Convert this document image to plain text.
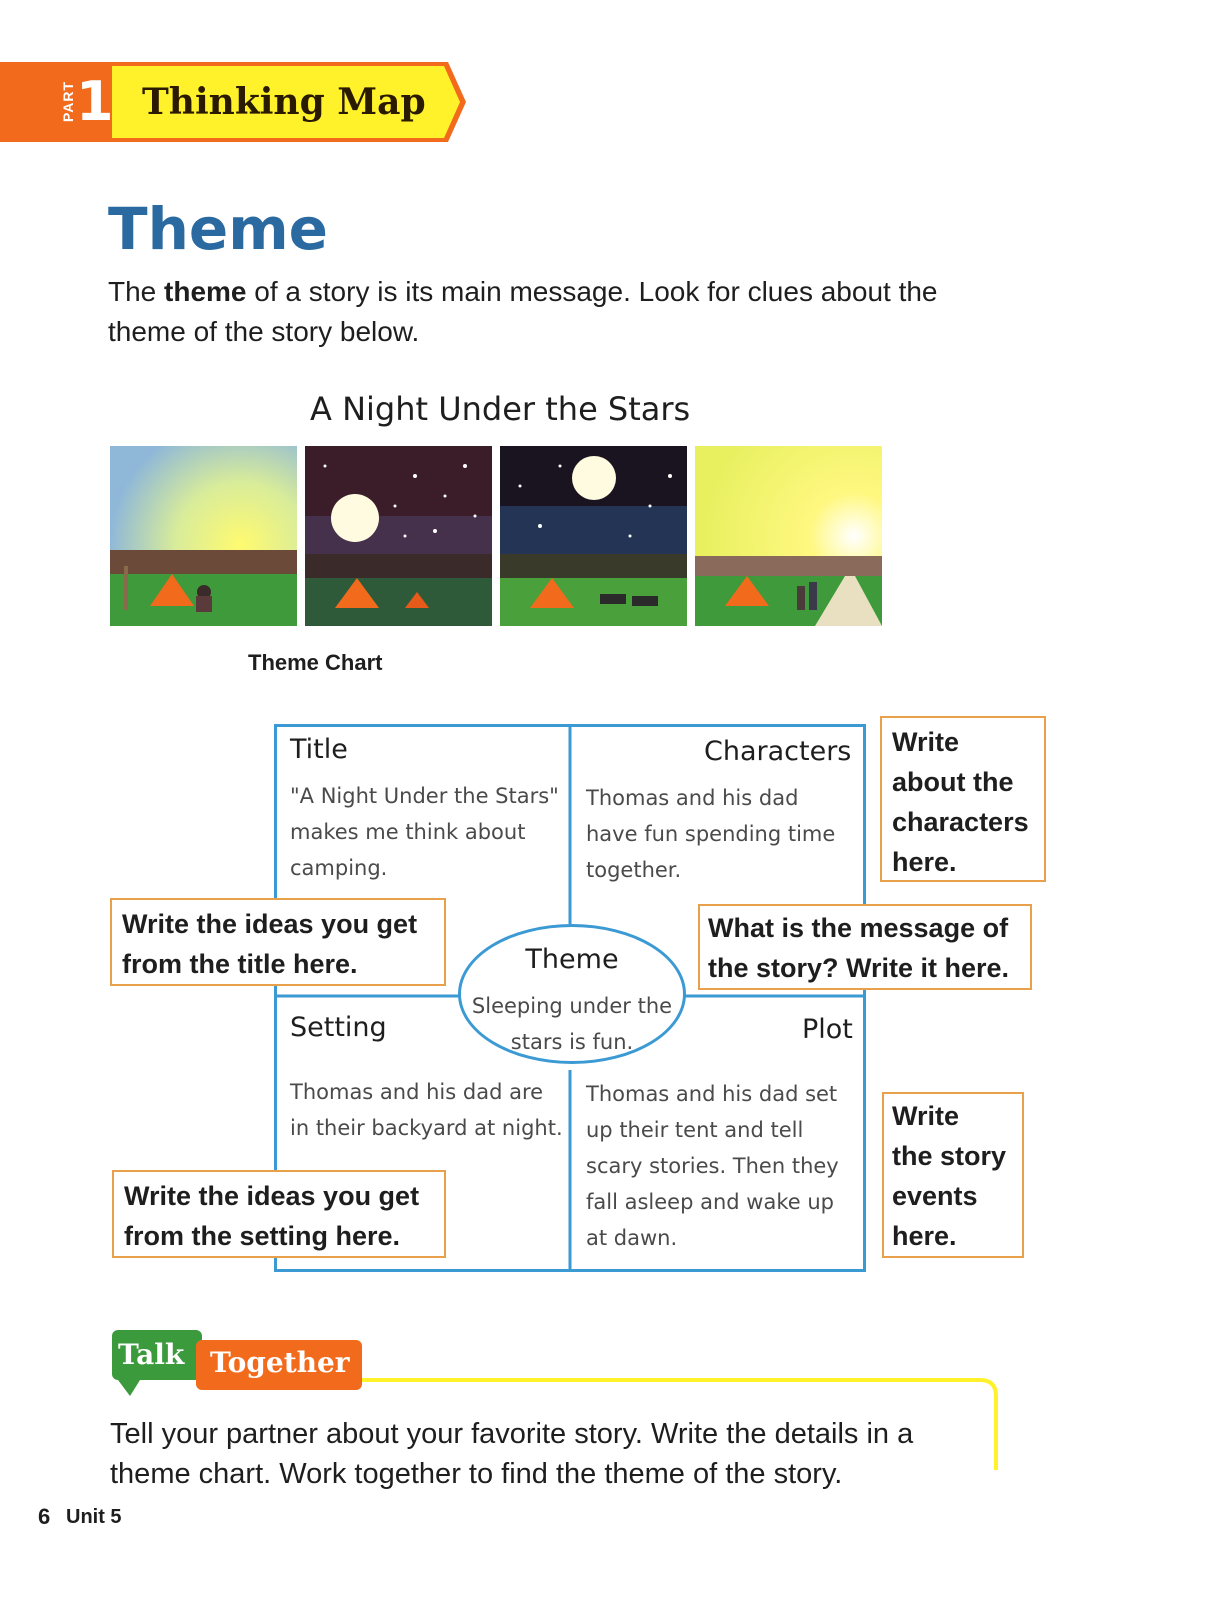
PART 1 Thinking Map
Theme
The theme of a story is its main message. Look for clues about the theme of the story below.
A Night Under the Stars
Theme Chart
Title
"A Night Under the Stars"
makes me think about
camping.
Characters
Thomas and his dad
have fun spending time
together.
Setting
Thomas and his dad are
in their backyard at night.
Plot
Thomas and his dad set
up their tent and tell
scary stories. Then they
fall asleep and wake up
at dawn.
Theme
Sleeping under the
stars is fun.
Write
about the
characters
here.
Write the ideas you get
from the title here.
What is the message of
the story? Write it here.
Write
the story
events
here.
Write the ideas you get
from the setting here.
Talk Together
Tell your partner about your favorite story. Write the details in a theme chart. Work together to find the theme of the story.
6 Unit 5
